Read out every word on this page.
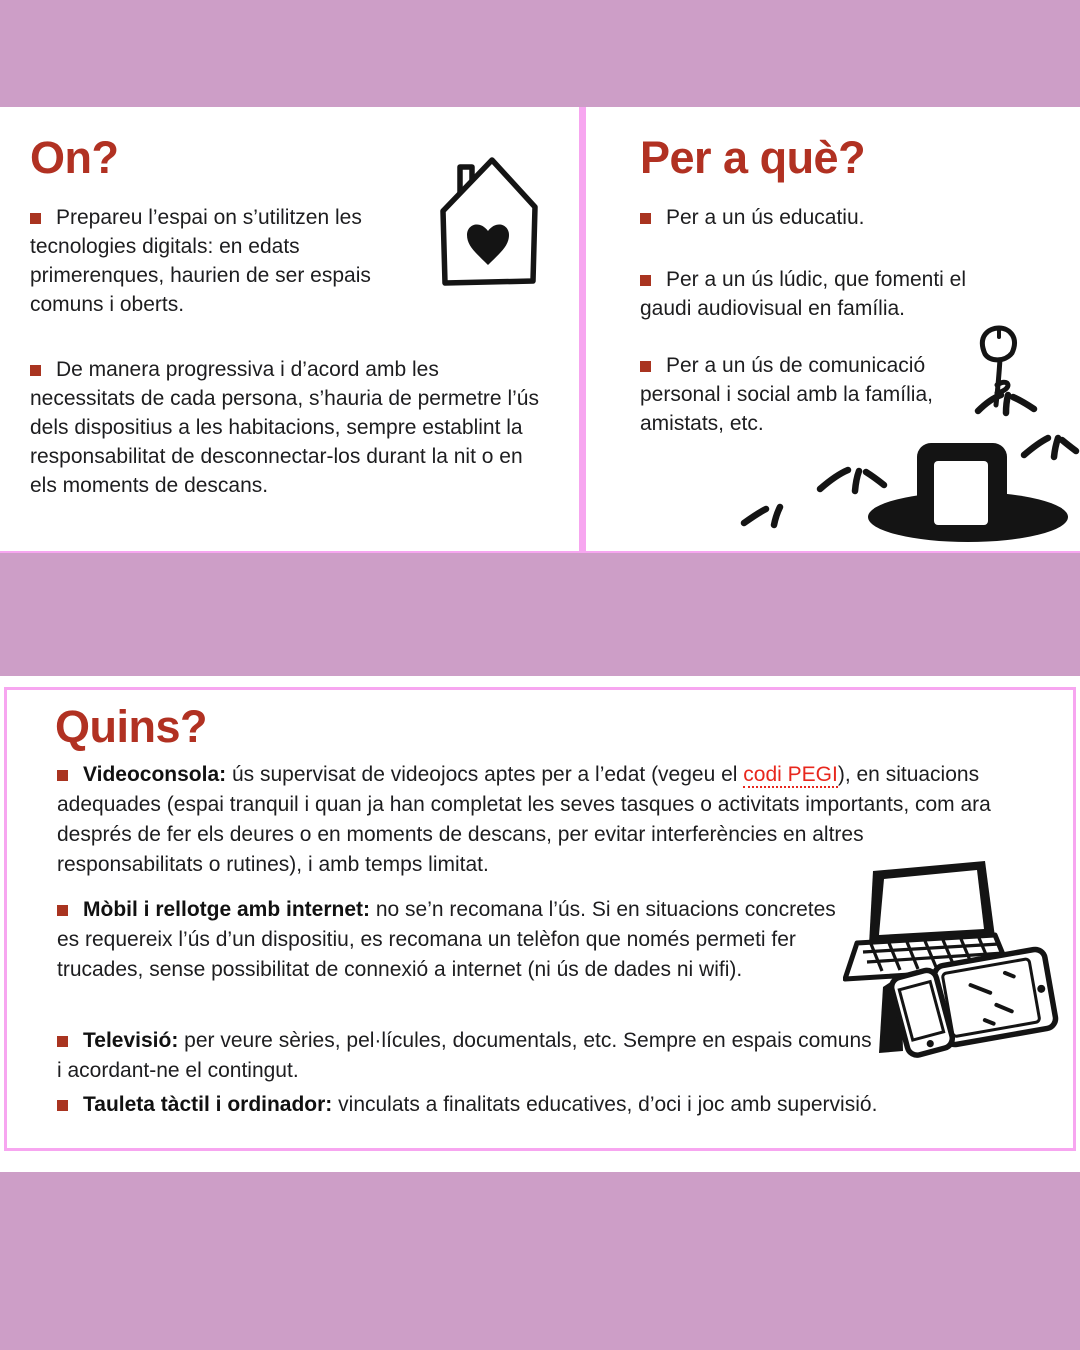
On?

Prepareu l’espai on s’utilitzen les tecnologies digitals: en edats primerenques, haurien de ser espais comuns i oberts.

De manera progressiva i d’acord amb les necessitats de cada persona, s’hauria de permetre l’ús dels dispositius a les habitacions, sempre establint la responsabilitat de desconnectar-los durant la nit o en els moments de descans.

Per a què?

Per a un ús educatiu.

Per a un ús lúdic, que fomenti el gaudi audiovisual en família.

Per a un ús de comunicació personal i social amb la família, amistats, etc.

Quins?

Videoconsola: ús supervisat de videojocs aptes per a l’edat (vegeu el codi PEGI), en situacions adequades (espai tranquil i quan ja han completat les seves tasques o activitats importants, com ara després de fer els deures o en moments de descans, per evitar interferències en altres responsabilitats o rutines), i amb temps limitat.

Mòbil i rellotge amb internet: no se’n recomana l’ús. Si en situacions concretes es requereix l’ús d’un dispositiu, es recomana un telèfon que només permeti fer trucades, sense possibilitat de connexió a internet (ni ús de dades ni wifi).

Televisió: per veure sèries, pel·lícules, documentals, etc. Sempre en espais comuns i acordant-ne el contingut.

Tauleta tàctil i ordinador: vinculats a finalitats educatives, d’oci i joc amb supervisió.
